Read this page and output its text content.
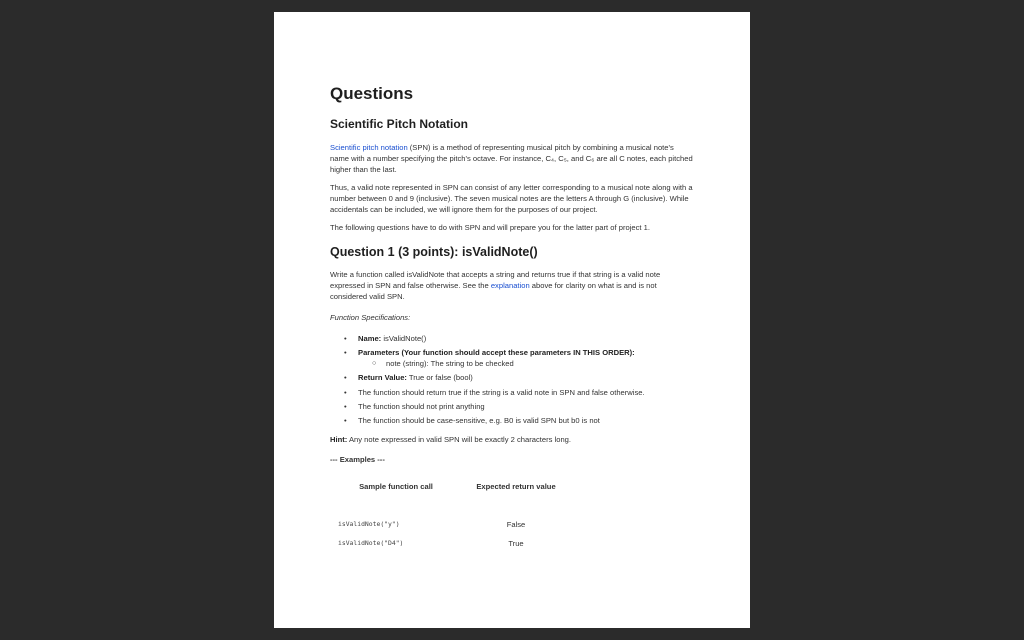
Questions
Scientific Pitch Notation

Scientific pitch notation (SPN) is a method of representing musical pitch by combining a musical note's name with a number specifying the pitch's octave. For instance, C₄, C₅, and C₆ are all C notes, each pitched higher than the last.

Thus, a valid note represented in SPN can consist of any letter corresponding to a musical note along with a number between 0 and 9 (inclusive). The seven musical notes are the letters A through G (inclusive). While accidentals can be included, we will ignore them for the purposes of our project.

The following questions have to do with SPN and will prepare you for the latter part of project 1.

Question 1 (3 points): isValidNote()

Write a function called isValidNote that accepts a string and returns true if that string is a valid note expressed in SPN and false otherwise. See the explanation above for clarity on what is and is not considered valid SPN.

Function Specifications:

• Name: isValidNote()
• Parameters (Your function should accept these parameters IN THIS ORDER):
○ note (string): The string to be checked
• Return Value: True or false (bool)
• The function should return true if the string is a valid note in SPN and false otherwise.
• The function should not print anything
• The function should be case-sensitive, e.g. B0 is valid SPN but b0 is not

Hint: Any note expressed in valid SPN will be exactly 2 characters long.

--- Examples ---

Sample function call	Expected return value

isValidNote("y")	False
isValidNote("D4")	True
